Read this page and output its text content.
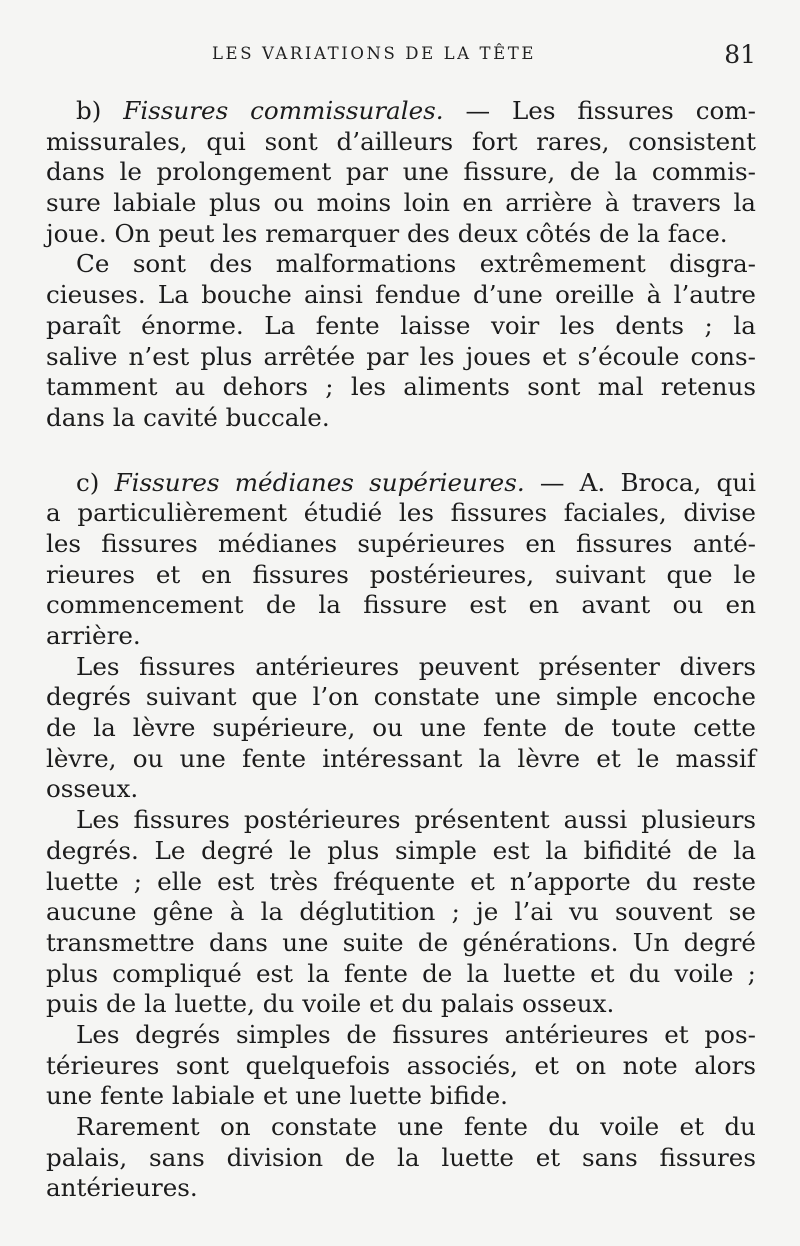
LES VARIATIONS DE LA TÊTE	81
b) Fissures commissurales. — Les fissures com-
missurales, qui sont d’ailleurs fort rares, consistent
dans le prolongement par une fissure, de la commis-
sure labiale plus ou moins loin en arrière à travers la
joue. On peut les remarquer des deux côtés de la face.
Ce sont des malformations extrêmement disgra-
cieuses. La bouche ainsi fendue d’une oreille à l’autre
paraît énorme. La fente laisse voir les dents ; la
salive n’est plus arrêtée par les joues et s’écoule cons-
tamment au dehors ; les aliments sont mal retenus
dans la cavité buccale.
c) Fissures médianes supérieures. — A. Broca, qui
a particulièrement étudié les fissures faciales, divise
les fissures médianes supérieures en fissures anté-
rieures et en fissures postérieures, suivant que le
commencement de la fissure est en avant ou en
arrière.
Les fissures antérieures peuvent présenter divers
degrés suivant que l’on constate une simple encoche
de la lèvre supérieure, ou une fente de toute cette
lèvre, ou une fente intéressant la lèvre et le massif
osseux.
Les fissures postérieures présentent aussi plusieurs
degrés. Le degré le plus simple est la bifidité de la
luette ; elle est très fréquente et n’apporte du reste
aucune gêne à la déglutition ; je l’ai vu souvent se
transmettre dans une suite de générations. Un degré
plus compliqué est la fente de la luette et du voile ;
puis de la luette, du voile et du palais osseux.
Les degrés simples de fissures antérieures et pos-
térieures sont quelquefois associés, et on note alors
une fente labiale et une luette bifide.
Rarement on constate une fente du voile et du
palais, sans division de la luette et sans fissures
antérieures.
